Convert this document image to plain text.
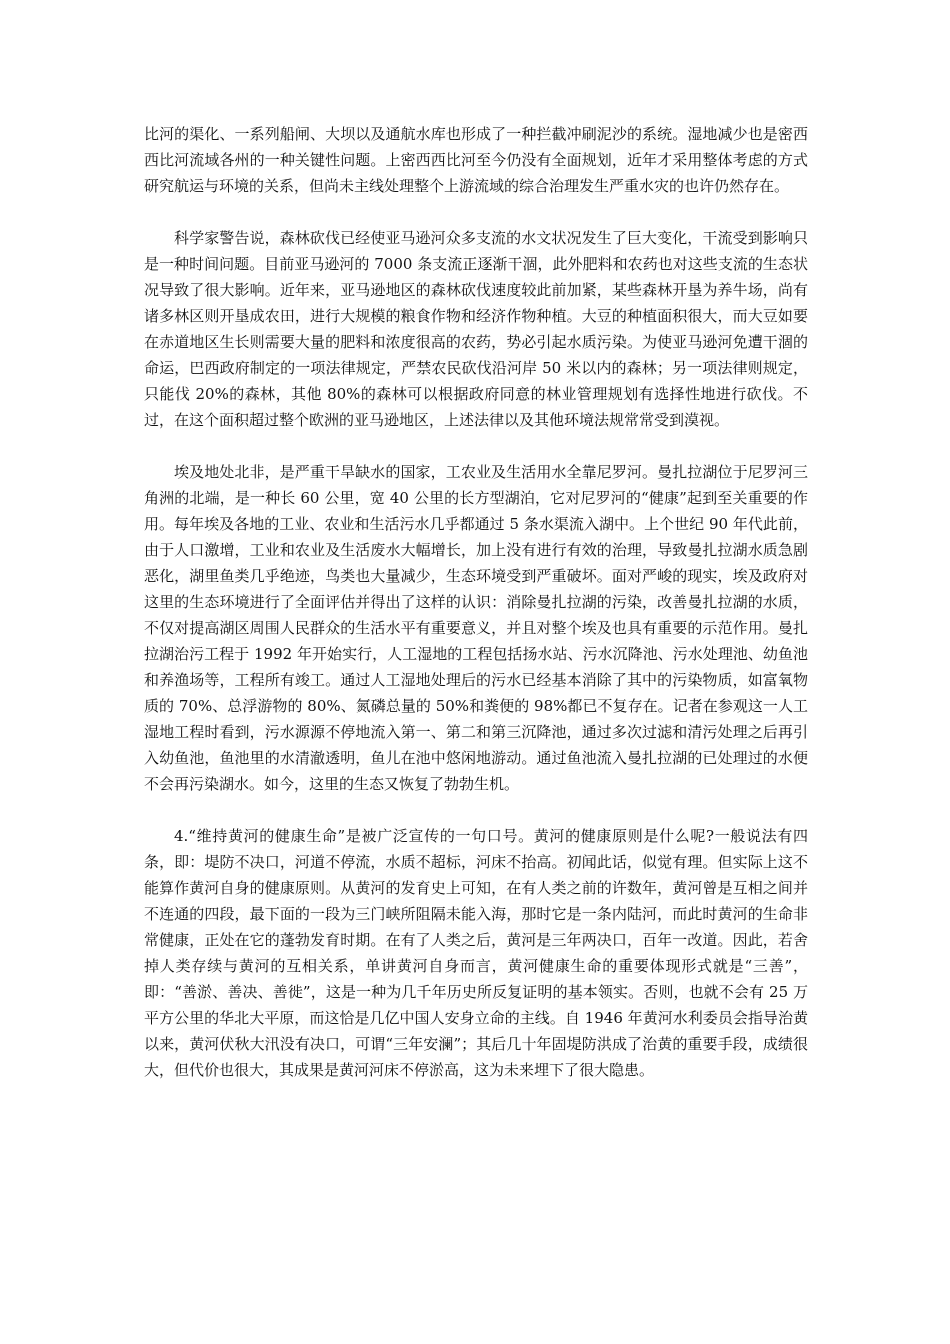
比河的渠化、一系列船闸、大坝以及通航水库也形成了一种拦截冲刷泥沙的系统。湿地减少也是密西西比河流域各州的一种关键性问题。上密西西比河至今仍没有全面规划，近年才采用整体考虑的方式研究航运与环境的关系，但尚未主线处理整个上游流域的综合治理发生严重水灾的也许仍然存在。

科学家警告说，森林砍伐已经使亚马逊河众多支流的水文状况发生了巨大变化，干流受到影响只是一种时间问题。目前亚马逊河的 7000 条支流正逐渐干涸，此外肥料和农药也对这些支流的生态状况导致了很大影响。近年来，亚马逊地区的森林砍伐速度较此前加紧，某些森林开垦为养牛场，尚有诸多林区则开垦成农田，进行大规模的粮食作物和经济作物种植。大豆的种植面积很大，而大豆如要在赤道地区生长则需要大量的肥料和浓度很高的农药，势必引起水质污染。为使亚马逊河免遭干涸的命运，巴西政府制定的一项法律规定，严禁农民砍伐沿河岸 50 米以内的森林；另一项法律则规定，只能伐 20%的森林，其他 80%的森林可以根据政府同意的林业管理规划有选择性地进行砍伐。不过，在这个面积超过整个欧洲的亚马逊地区，上述法律以及其他环境法规常常受到漠视。

埃及地处北非，是严重干旱缺水的国家，工农业及生活用水全靠尼罗河。曼扎拉湖位于尼罗河三角洲的北端，是一种长 60 公里，宽 40 公里的长方型湖泊，它对尼罗河的“健康”起到至关重要的作用。每年埃及各地的工业、农业和生活污水几乎都通过 5 条水渠流入湖中。上个世纪 90 年代此前，由于人口激增，工业和农业及生活废水大幅增长，加上没有进行有效的治理，导致曼扎拉湖水质急剧恶化，湖里鱼类几乎绝迹，鸟类也大量减少，生态环境受到严重破坏。面对严峻的现实，埃及政府对这里的生态环境进行了全面评估并得出了这样的认识：消除曼扎拉湖的污染，改善曼扎拉湖的水质，不仅对提高湖区周围人民群众的生活水平有重要意义，并且对整个埃及也具有重要的示范作用。曼扎拉湖治污工程于 1992 年开始实行，人工湿地的工程包括扬水站、污水沉降池、污水处理池、幼鱼池和养渔场等，工程所有竣工。通过人工湿地处理后的污水已经基本消除了其中的污染物质，如富氧物质的 70%、总浮游物的 80%、氮磷总量的 50%和粪便的 98%都已不复存在。记者在参观这一人工湿地工程时看到，污水源源不停地流入第一、第二和第三沉降池，通过多次过滤和清污处理之后再引入幼鱼池，鱼池里的水清澈透明，鱼儿在池中悠闲地游动。通过鱼池流入曼扎拉湖的已处理过的水便不会再污染湖水。如今，这里的生态又恢复了勃勃生机。

4.“维持黄河的健康生命”是被广泛宣传的一句口号。黄河的健康原则是什么呢?一般说法有四条，即：堤防不决口，河道不停流，水质不超标，河床不抬高。初闻此话，似觉有理。但实际上这不能算作黄河自身的健康原则。从黄河的发育史上可知，在有人类之前的许数年，黄河曾是互相之间并不连通的四段，最下面的一段为三门峡所阻隔未能入海，那时它是一条内陆河，而此时黄河的生命非常健康，正处在它的蓬勃发育时期。在有了人类之后，黄河是三年两决口，百年一改道。因此，若舍掉人类存续与黄河的互相关系，单讲黄河自身而言，黄河健康生命的重要体现形式就是“三善”，即：“善淤、善决、善徙”，这是一种为几千年历史所反复证明的基本领实。否则，也就不会有 25 万平方公里的华北大平原，而这恰是几亿中国人安身立命的主线。自 1946 年黄河水利委员会指导治黄以来，黄河伏秋大汛没有决口，可谓“三年安澜”；其后几十年固堤防洪成了治黄的重要手段，成绩很大，但代价也很大，其成果是黄河河床不停淤高，这为未来埋下了很大隐患。
